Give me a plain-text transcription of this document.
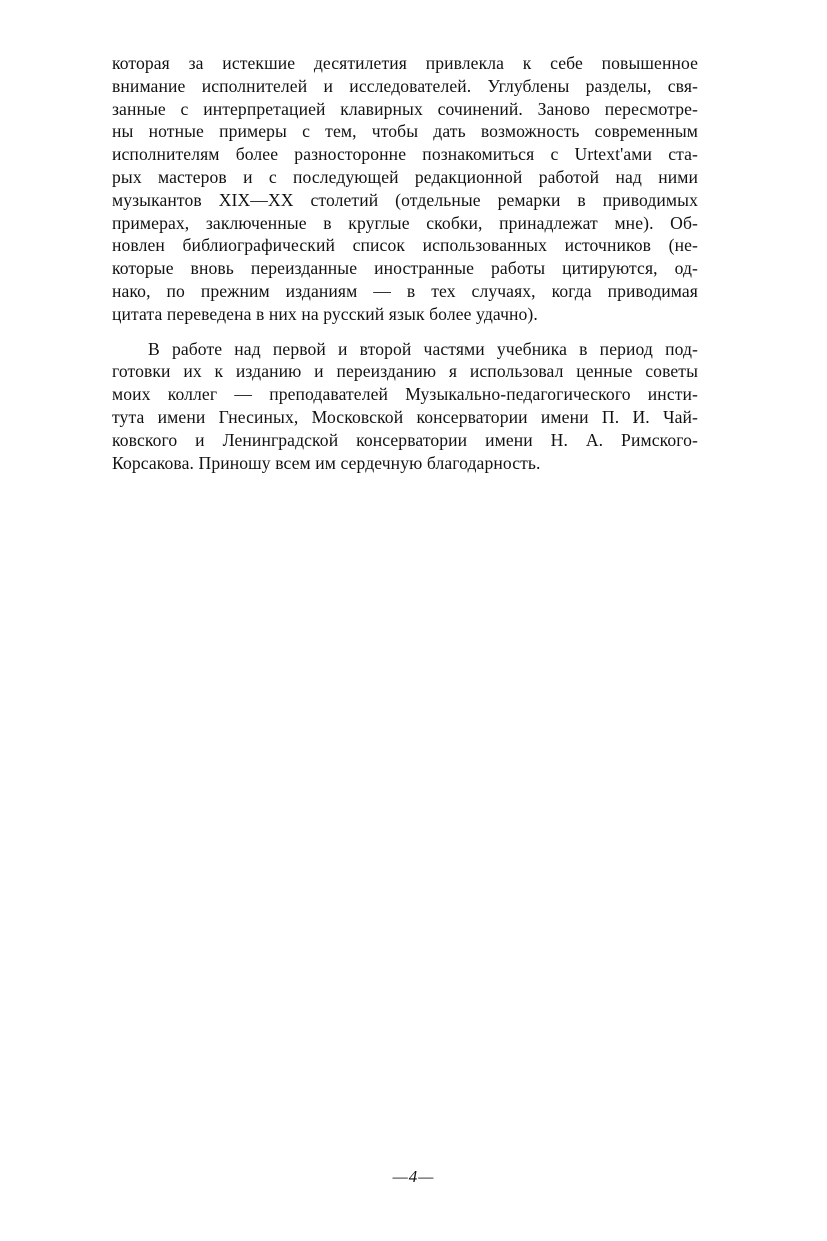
которая за истекшие десятилетия привлекла к себе повышенное
внимание исполнителей и исследователей. Углублены разделы, свя-
занные с интерпретацией клавирных сочинений. Заново пересмотре-
ны нотные примеры с тем, чтобы дать возможность современным
исполнителям более разносторонне познакомиться с Urtext'ами ста-
рых мастеров и с последующей редакционной работой над ними
музыкантов XIX—XX столетий (отдельные ремарки в приводимых
примерах, заключенные в круглые скобки, принадлежат мне). Об-
новлен библиографический список использованных источников (не-
которые вновь переизданные иностранные работы цитируются, од-
нако, по прежним изданиям — в тех случаях, когда приводимая
цитата переведена в них на русский язык более удачно).
В работе над первой и второй частями учебника в период под-
готовки их к изданию и переизданию я использовал ценные советы
моих коллег — преподавателей Музыкально-педагогического инсти-
тута имени Гнесиных, Московской консерватории имени П. И. Чай-
ковского и Ленинградской консерватории имени Н. А. Римского-
Корсакова. Приношу всем им сердечную благодарность.
—4—
